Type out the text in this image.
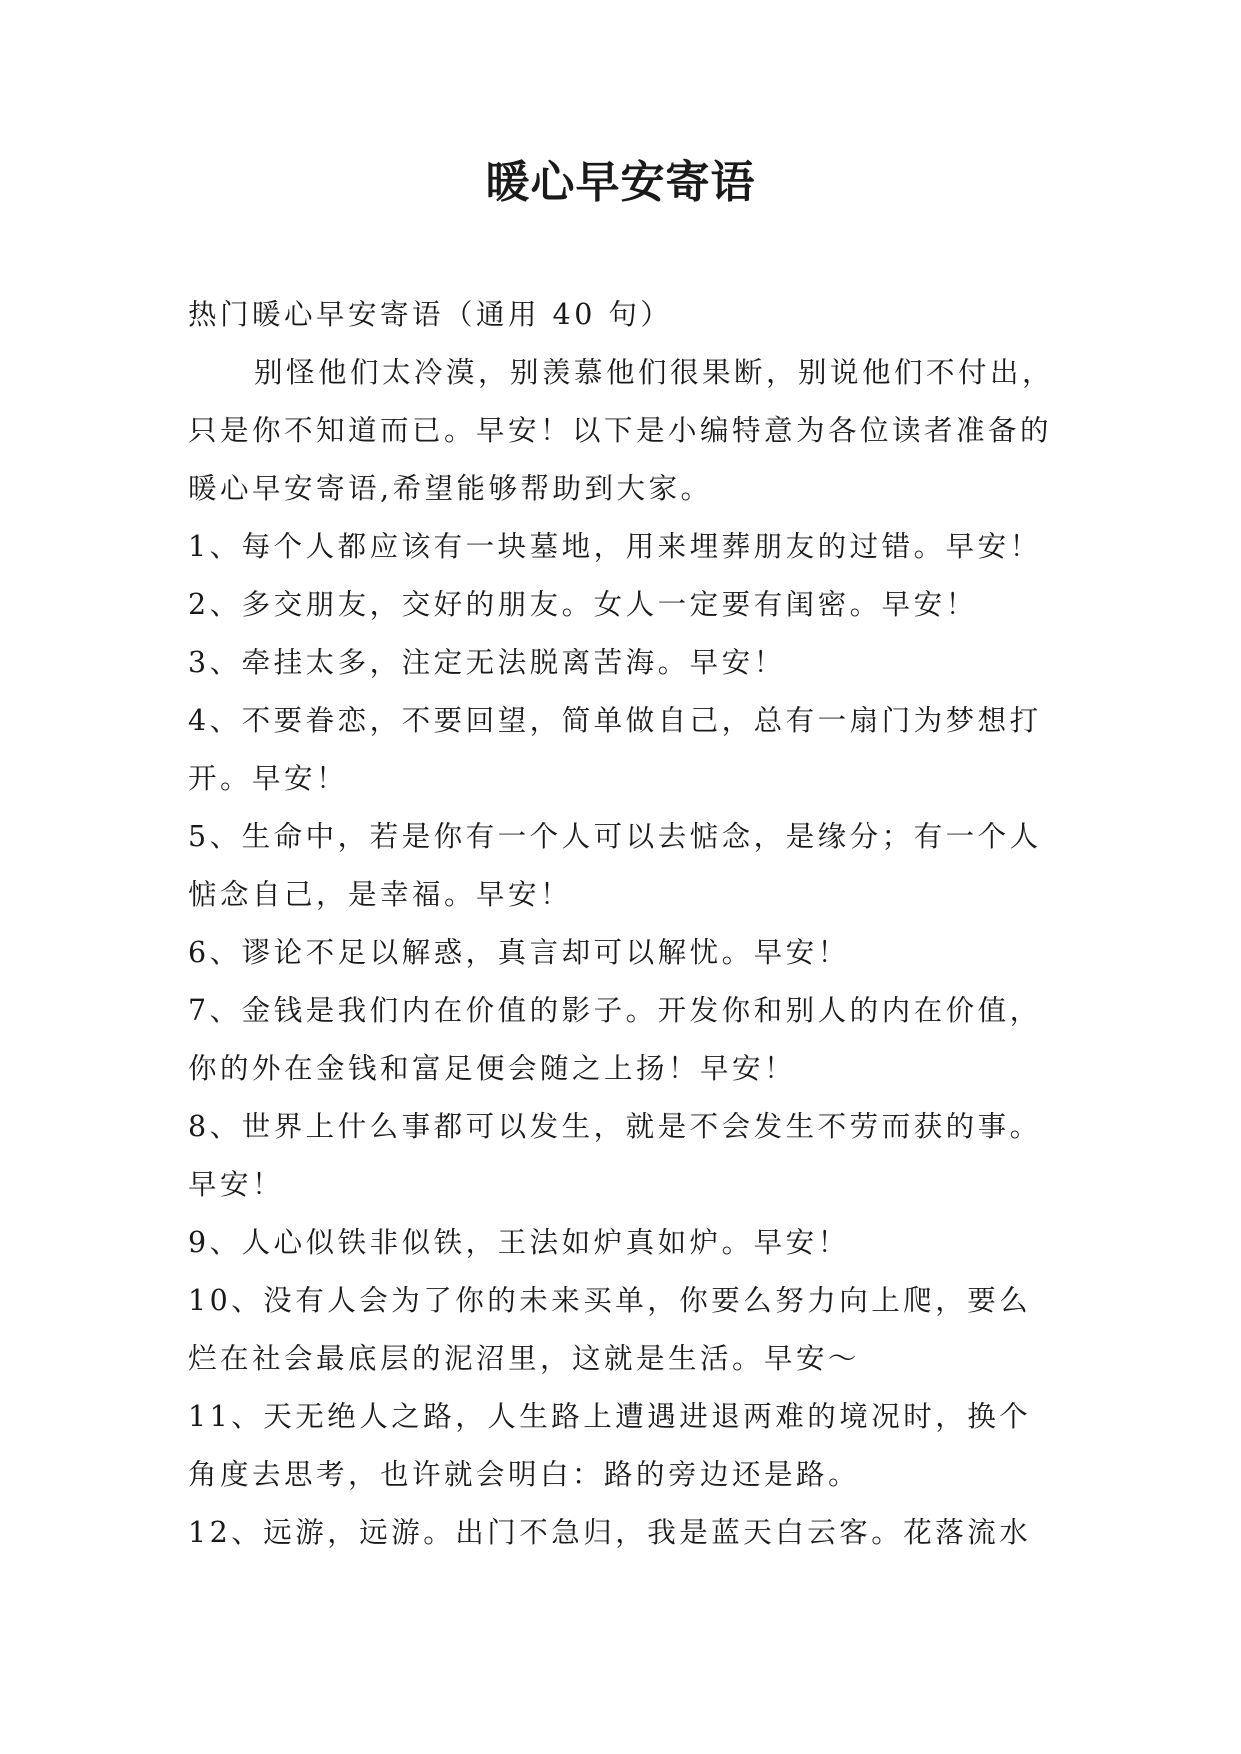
暖心早安寄语

热门暖心早安寄语（通用 40 句）

别怪他们太冷漠，别羡慕他们很果断，别说他们不付出，只是你不知道而已。早安！以下是小编特意为各位读者准备的暖心早安寄语,希望能够帮助到大家。

1、每个人都应该有一块墓地，用来埋葬朋友的过错。早安！

2、多交朋友，交好的朋友。女人一定要有闺密。早安！

3、牵挂太多，注定无法脱离苦海。早安！

4、不要眷恋，不要回望，简单做自己，总有一扇门为梦想打开。早安！

5、生命中，若是你有一个人可以去惦念，是缘分；有一个人惦念自己，是幸福。早安！

6、谬论不足以解惑，真言却可以解忧。早安！

7、金钱是我们内在价值的影子。开发你和别人的内在价值，你的外在金钱和富足便会随之上扬！早安！

8、世界上什么事都可以发生，就是不会发生不劳而获的事。早安！

9、人心似铁非似铁，王法如炉真如炉。早安！

10、没有人会为了你的未来买单，你要么努力向上爬，要么烂在社会最底层的泥沼里，这就是生活。早安～

11、天无绝人之路，人生路上遭遇进退两难的境况时，换个角度去思考，也许就会明白：路的旁边还是路。

12、远游，远游。出门不急归，我是蓝天白云客。花落流水
